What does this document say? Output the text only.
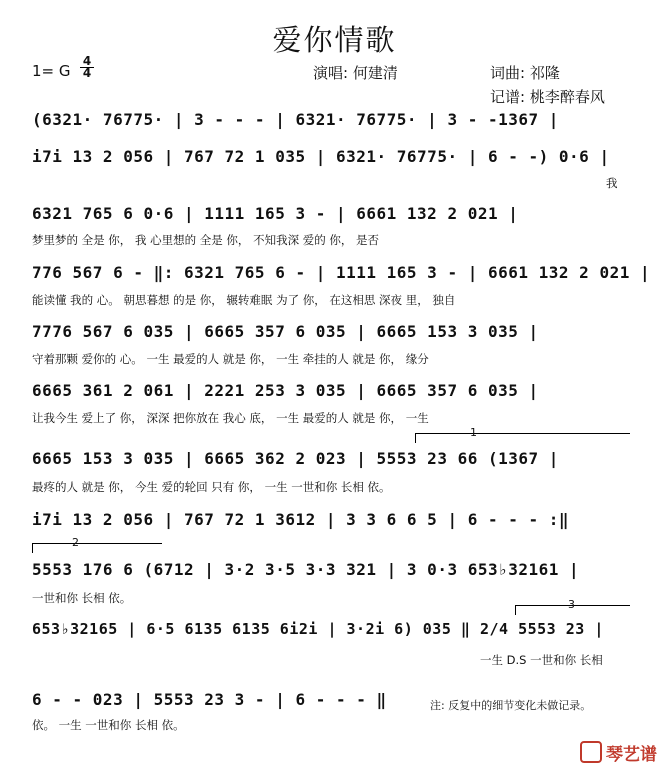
爱你情歌
1= G
4
4	演唱: 何建清	词曲: 祁隆
记谱: 桃李醉春风
(6321· 76775· | 3 - - - | 6321· 76775· | 3 - -1367 |
i7i 13 2 056 | 767 72 1 035 | 6321· 76775· | 6 - -) 0·6 |
我
6321 765 6 0·6 | 1111 165 3 - | 6661 132 2 021 |
梦里梦的 全是 你， 我 心里想的 全是 你， 不知我深 爱的 你， 是否
776 567 6 - ‖: 6321 765 6 - | 1111 165 3 - | 6661 132 2 021 |
能读懂 我的 心。 朝思暮想 的是 你， 辗转难眠 为了 你， 在这相思 深夜 里， 独自
7776 567 6 035 | 6665 357 6 035 | 6665 153 3 035 |
守着那颗 爱你的 心。 一生 最爱的人 就是 你， 一生 牵挂的人 就是 你， 缘分
6665 361 2 061 | 2221 253 3 035 | 6665 357 6 035 |
让我今生 爱上了 你， 深深 把你放在 我心 底， 一生 最爱的人 就是 你， 一生
1
6665 153 3 035 | 6665 362 2 023 | 5553 23 66 (1367 |
最疼的人 就是 你， 今生 爱的轮回 只有 你， 一生 一世和你 长相 依。
i7i 13 2 056 | 767 72 1 3612 | 3 3 6 6 5 | 6 - - - :‖
2
5553 176 6 (6712 | 3·2 3·5 3·3 321 | 3 0·3 653♭32161 |
一世和你 长相 依。	3
653♭32165 | 6·5 6135 6135 6i2i | 3·2i 6) 035 ‖ 2/4 5553 23 |
一生 D.S 一世和你 长相
6 - - 023 | 5553 23 3 - | 6 - - - ‖
依。 一生 一世和你 长相 依。
注: 反复中的细节变化未做记录。
琴艺谱
